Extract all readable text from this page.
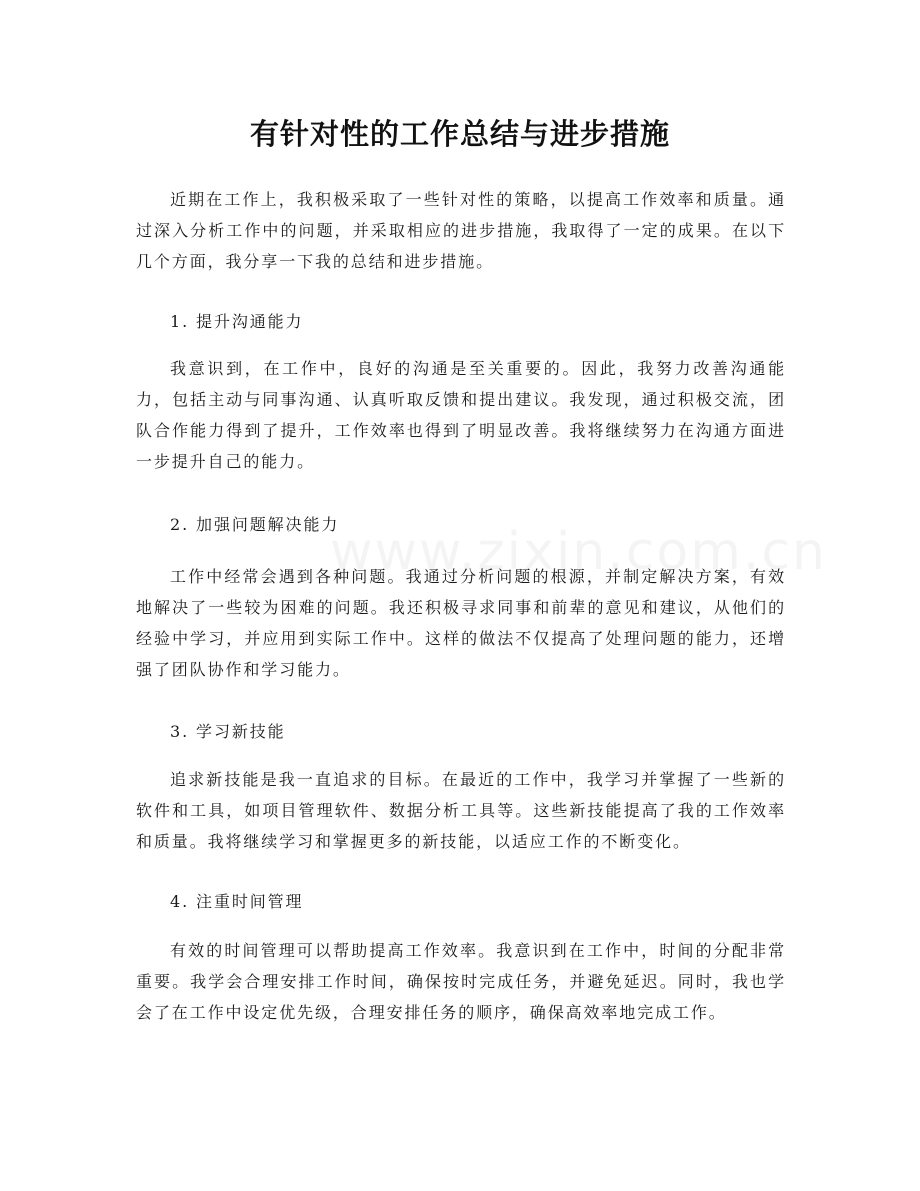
有针对性的工作总结与进步措施

近期在工作上，我积极采取了一些针对性的策略，以提高工作效率和质量。通过深入分析工作中的问题，并采取相应的进步措施，我取得了一定的成果。在以下几个方面，我分享一下我的总结和进步措施。

1. 提升沟通能力

我意识到，在工作中，良好的沟通是至关重要的。因此，我努力改善沟通能力，包括主动与同事沟通、认真听取反馈和提出建议。我发现，通过积极交流，团队合作能力得到了提升，工作效率也得到了明显改善。我将继续努力在沟通方面进一步提升自己的能力。

2. 加强问题解决能力

工作中经常会遇到各种问题。我通过分析问题的根源，并制定解决方案，有效地解决了一些较为困难的问题。我还积极寻求同事和前辈的意见和建议，从他们的经验中学习，并应用到实际工作中。这样的做法不仅提高了处理问题的能力，还增强了团队协作和学习能力。

3. 学习新技能

追求新技能是我一直追求的目标。在最近的工作中，我学习并掌握了一些新的软件和工具，如项目管理软件、数据分析工具等。这些新技能提高了我的工作效率和质量。我将继续学习和掌握更多的新技能，以适应工作的不断变化。

4. 注重时间管理

有效的时间管理可以帮助提高工作效率。我意识到在工作中，时间的分配非常重要。我学会合理安排工作时间，确保按时完成任务，并避免延迟。同时，我也学会了在工作中设定优先级，合理安排任务的顺序，确保高效率地完成工作。
